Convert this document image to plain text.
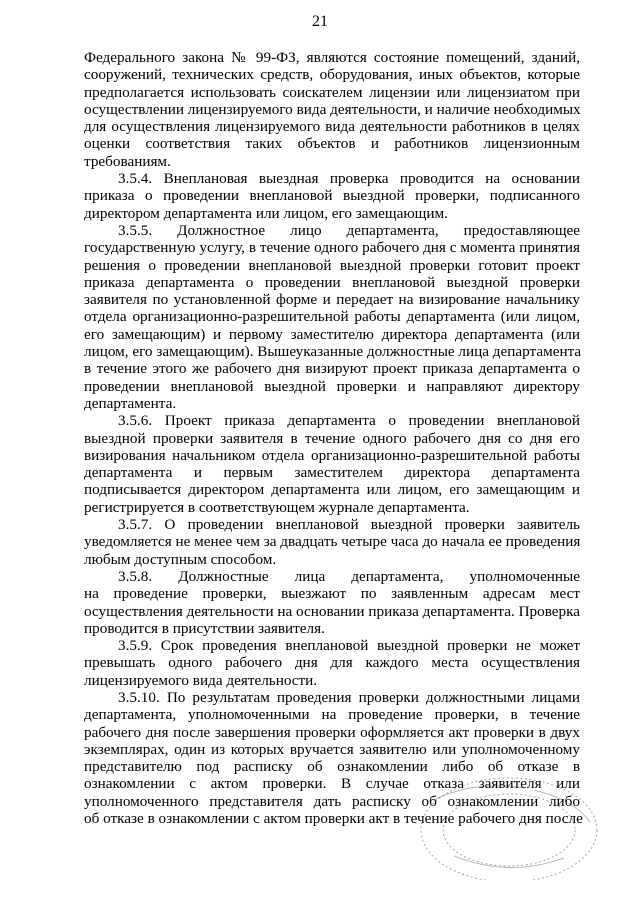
21
Федерального закона № 99-ФЗ, являются состояние помещений, зданий,
сооружений, технических средств, оборудования, иных объектов, которые
предполагается использовать соискателем лицензии или лицензиатом при
осуществлении лицензируемого вида деятельности, и наличие необходимых
для осуществления лицензируемого вида деятельности работников в целях
оценки соответствия таких объектов и работников лицензионным
требованиям.
3.5.4. Внеплановая выездная проверка проводится на основании
приказа о проведении внеплановой выездной проверки, подписанного
директором департамента или лицом, его замещающим.
3.5.5. Должностное лицо департамента, предоставляющее
государственную услугу, в течение одного рабочего дня с момента принятия
решения о проведении внеплановой выездной проверки готовит проект
приказа департамента о проведении внеплановой выездной проверки
заявителя по установленной форме и передает на визирование начальнику
отдела организационно-разрешительной работы департамента (или лицом,
его замещающим) и первому заместителю директора департамента (или
лицом, его замещающим). Вышеуказанные должностные лица департамента
в течение этого же рабочего дня визируют проект приказа департамента о
проведении внеплановой выездной проверки и направляют директору
департамента.
3.5.6. Проект приказа департамента о проведении внеплановой
выездной проверки заявителя в течение одного рабочего дня со дня его
визирования начальником отдела организационно-разрешительной работы
департамента и первым заместителем директора департамента
подписывается директором департамента или лицом, его замещающим и
регистрируется в соответствующем журнале департамента.
3.5.7. О проведении внеплановой выездной проверки заявитель
уведомляется не менее чем за двадцать четыре часа до начала ее проведения
любым доступным способом.
3.5.8. Должностные лица департамента, уполномоченные
на проведение проверки, выезжают по заявленным адресам мест
осуществления деятельности на основании приказа департамента. Проверка
проводится в присутствии заявителя.
3.5.9. Срок проведения внеплановой выездной проверки не может
превышать одного рабочего дня для каждого места осуществления
лицензируемого вида деятельности.
3.5.10. По результатам проведения проверки должностными лицами
департамента, уполномоченными на проведение проверки, в течение
рабочего дня после завершения проверки оформляется акт проверки в двух
экземплярах, один из которых вручается заявителю или уполномоченному
представителю под расписку об ознакомлении либо об отказе в
ознакомлении с актом проверки. В случае отказа заявителя или
уполномоченного представителя дать расписку об ознакомлении либо
об отказе в ознакомлении с актом проверки акт в течение рабочего дня после
